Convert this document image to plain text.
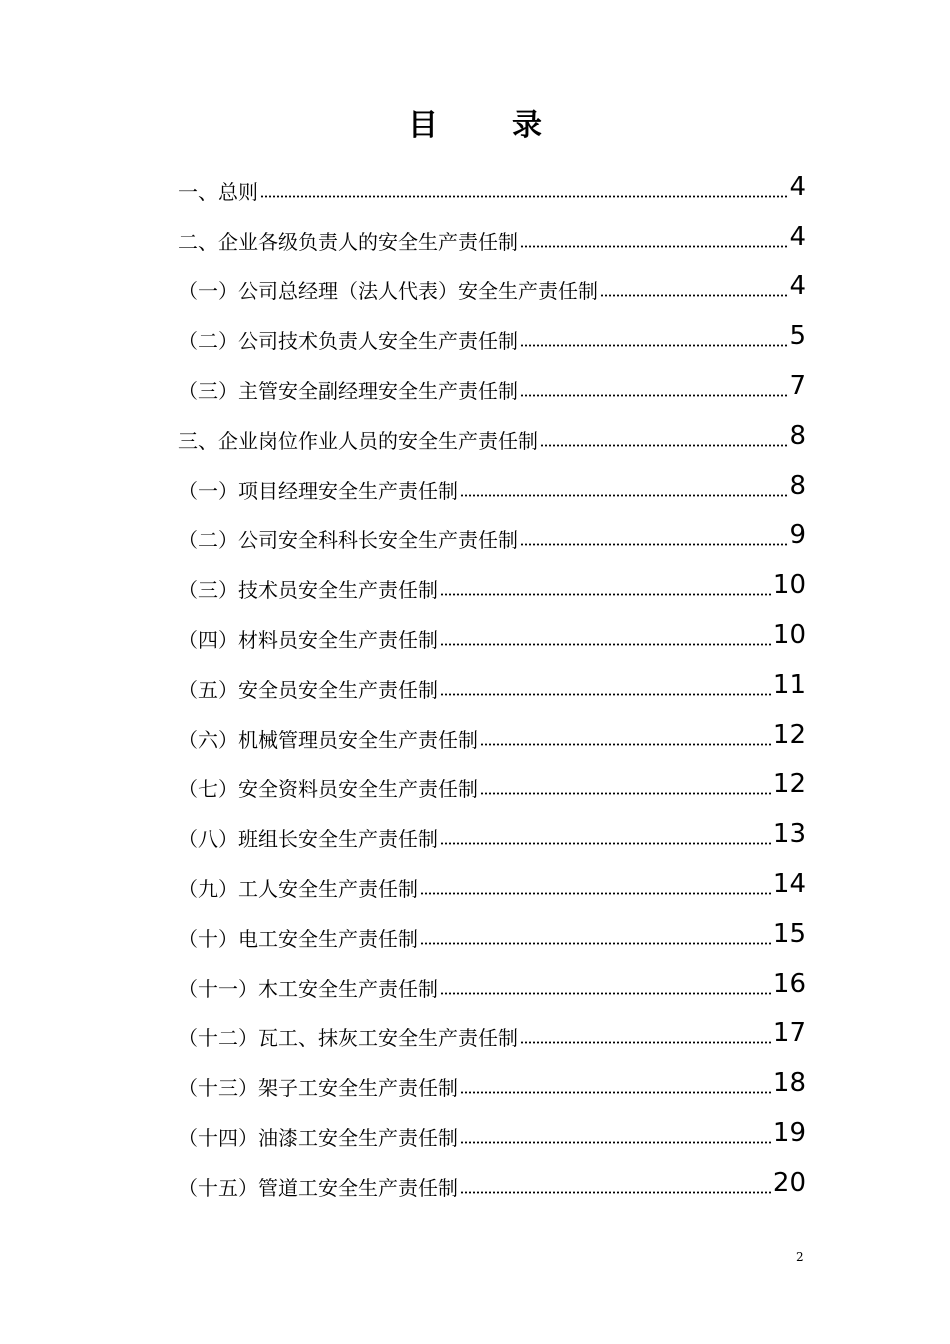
目　录
一、总则	4
二、企业各级负责人的安全生产责任制	4
（一）公司总经理（法人代表）安全生产责任制	4
（二）公司技术负责人安全生产责任制	5
（三）主管安全副经理安全生产责任制	7
三、企业岗位作业人员的安全生产责任制	8
（一）项目经理安全生产责任制	8
（二）公司安全科科长安全生产责任制	9
（三）技术员安全生产责任制	10
（四）材料员安全生产责任制	10
（五）安全员安全生产责任制	11
（六）机械管理员安全生产责任制	12
（七）安全资料员安全生产责任制	12
（八）班组长安全生产责任制	13
（九）工人安全生产责任制	14
（十）电工安全生产责任制	15
（十一）木工安全生产责任制	16
（十二）瓦工、抹灰工安全生产责任制	17
（十三）架子工安全生产责任制	18
（十四）油漆工安全生产责任制	19
（十五）管道工安全生产责任制	20
2
